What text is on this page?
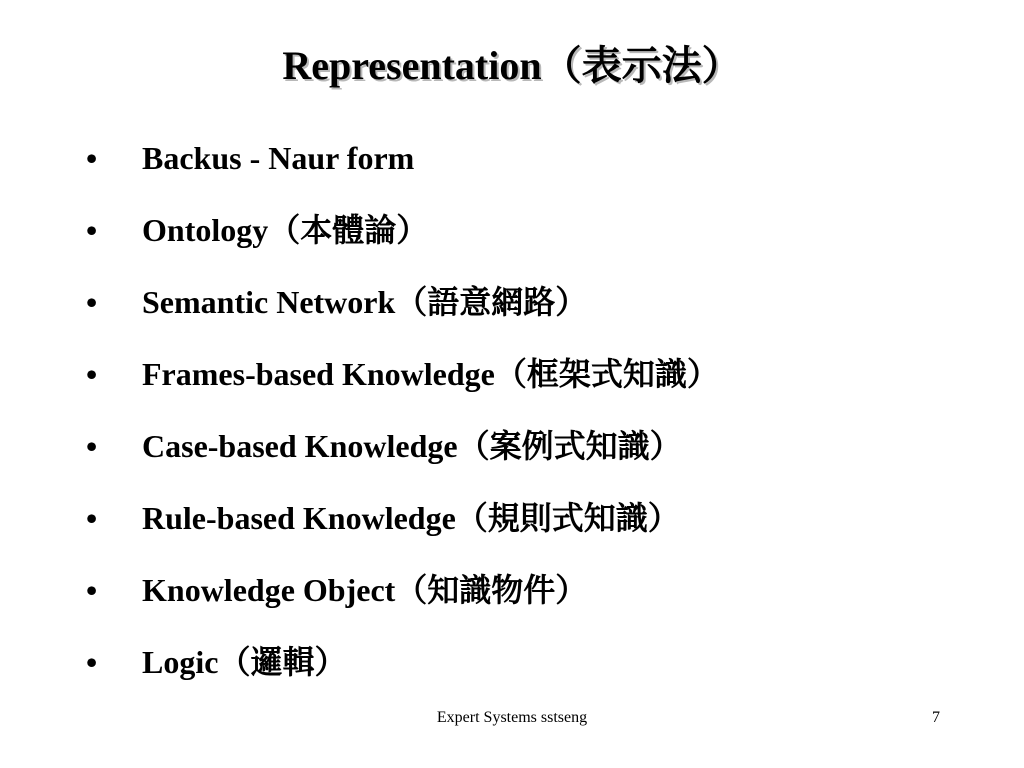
Representation（表示法）
• Backus - Naur form
• Ontology（本體論）
• Semantic Network（語意網路）
• Frames-based Knowledge（框架式知識）
• Case-based Knowledge（案例式知識）
• Rule-based Knowledge（規則式知識）
• Knowledge Object（知識物件）
• Logic（邏輯）
Expert Systems sstseng	7
